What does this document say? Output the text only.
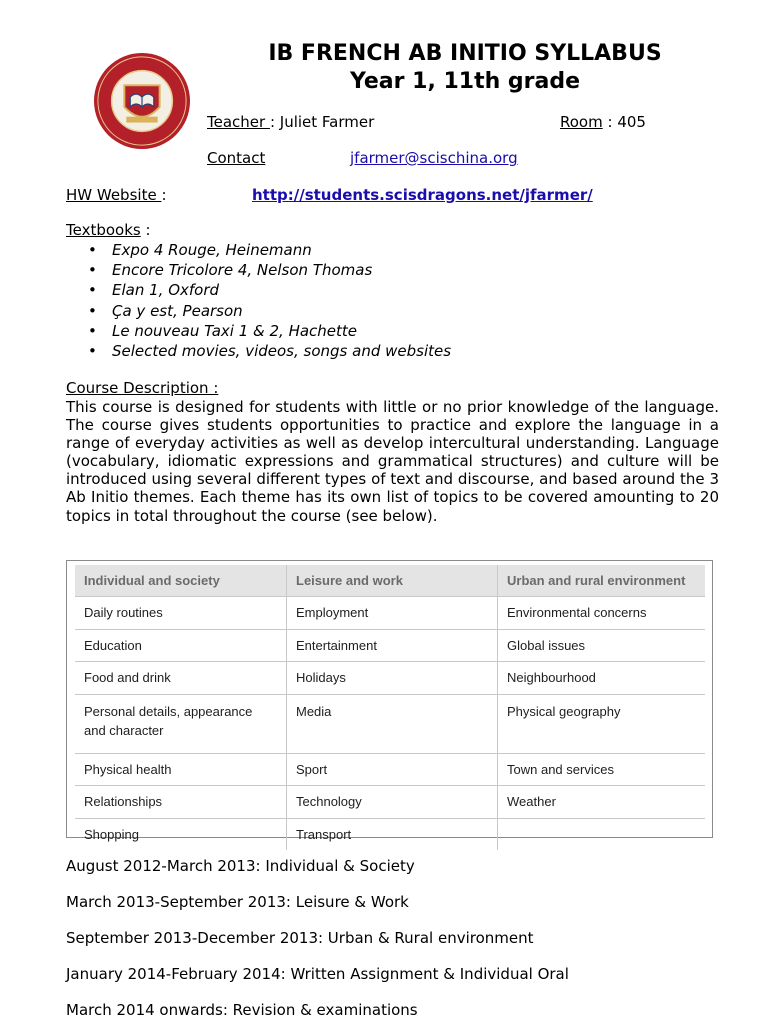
IB FRENCH AB INITIO SYLLABUS
Year 1, 11th grade
Teacher : Juliet Farmer	Room : 405
Contact	jfarmer@scischina.org
HW Website :	http://students.scisdragons.net/jfarmer/
Textbooks :
• Expo 4 Rouge, Heinemann
• Encore Tricolore 4, Nelson Thomas
• Elan 1, Oxford
• Ça y est, Pearson
• Le nouveau Taxi 1 & 2, Hachette
• Selected movies, videos, songs and websites
Course Description :
This course is designed for students with little or no prior knowledge of the language. The course gives students opportunities to practice and explore the language in a range of everyday activities as well as develop intercultural understanding. Language (vocabulary, idiomatic expressions and grammatical structures) and culture will be introduced using several different types of text and discourse, and based around the 3 Ab Initio themes. Each theme has its own list of topics to be covered amounting to 20 topics in total throughout the course (see below).
Individual and society	Leisure and work	Urban and rural environment
Daily routines	Employment	Environmental concerns
Education	Entertainment	Global issues
Food and drink	Holidays	Neighbourhood
Personal details, appearance and character	Media	Physical geography
Physical health	Sport	Town and services
Relationships	Technology	Weather
Shopping	Transport	
August 2012-March 2013: Individual & Society
March 2013-September 2013: Leisure & Work
September 2013-December 2013: Urban & Rural environment
January 2014-February 2014: Written Assignment & Individual Oral
March 2014 onwards: Revision & examinations
